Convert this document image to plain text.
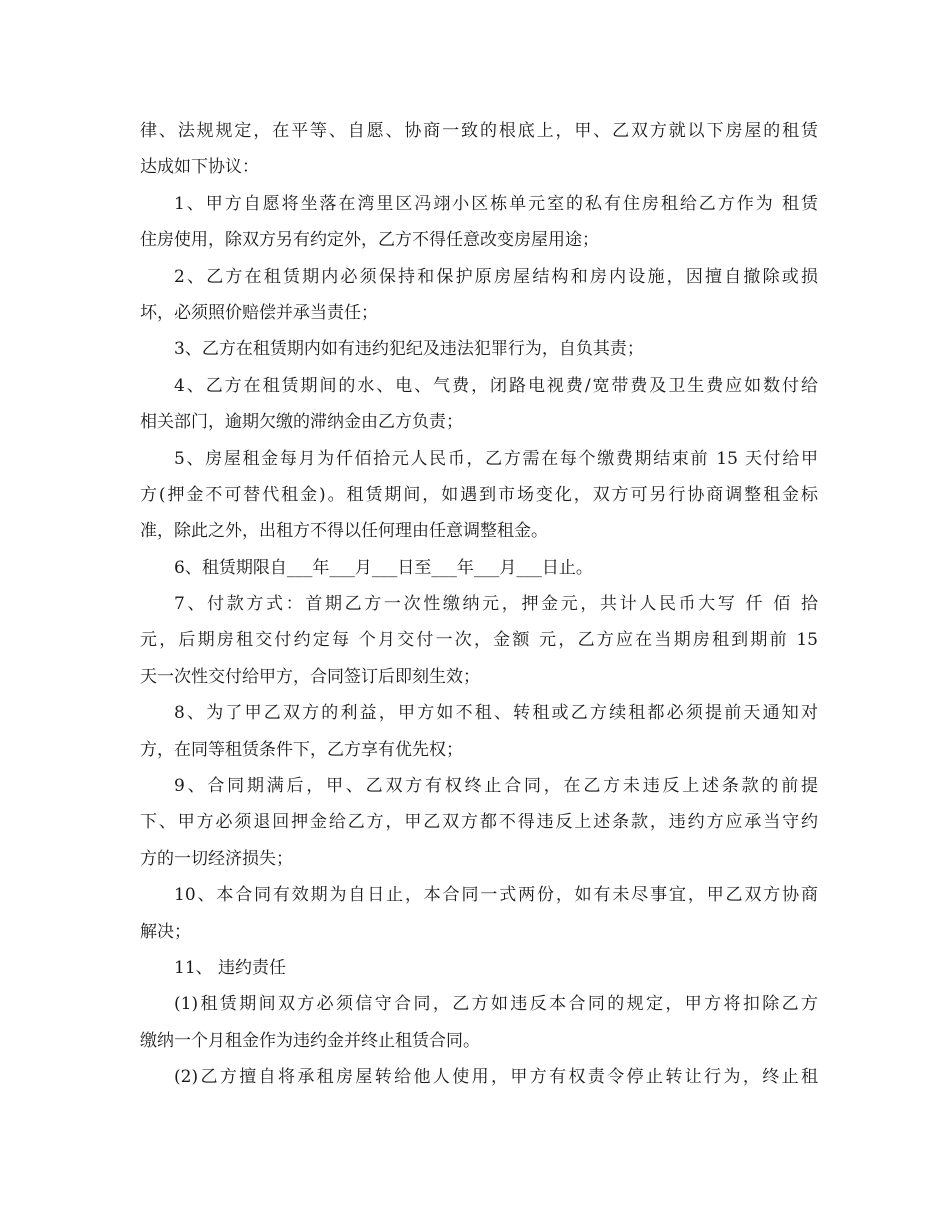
律、法规规定，在平等、自愿、协商一致的根底上，甲、乙双方就以下房屋的租赁
达成如下协议：
1、甲方自愿将坐落在湾里区冯翊小区栋单元室的私有住房租给乙方作为 租赁
住房使用，除双方另有约定外，乙方不得任意改变房屋用途；
2、乙方在租赁期内必须保持和保护原房屋结构和房内设施，因擅自撤除或损
坏，必须照价赔偿并承当责任；
3、乙方在租赁期内如有违约犯纪及违法犯罪行为，自负其责；
4、乙方在租赁期间的水、电、气费，闭路电视费/宽带费及卫生费应如数付给
相关部门，逾期欠缴的滞纳金由乙方负责；
5、房屋租金每月为仟佰拾元人民币，乙方需在每个缴费期结束前 15 天付给甲
方(押金不可替代租金)。租赁期间，如遇到市场变化，双方可另行协商调整租金标
准，除此之外，出租方不得以任何理由任意调整租金。
6、租赁期限自___年___月___日至___年___月___日止。
7、付款方式：首期乙方一次性缴纳元，押金元，共计人民币大写 仟 佰 拾
元，后期房租交付约定每 个月交付一次，金额 元，乙方应在当期房租到期前 15
天一次性交付给甲方，合同签订后即刻生效；
8、为了甲乙双方的利益，甲方如不租、转租或乙方续租都必须提前天通知对
方，在同等租赁条件下，乙方享有优先权；
9、合同期满后，甲、乙双方有权终止合同，在乙方未违反上述条款的前提
下、甲方必须退回押金给乙方，甲乙双方都不得违反上述条款，违约方应承当守约
方的一切经济损失；
10、本合同有效期为自日止，本合同一式两份，如有未尽事宜，甲乙双方协商
解决；
11、 违约责任
(1)租赁期间双方必须信守合同，乙方如违反本合同的规定，甲方将扣除乙方
缴纳一个月租金作为违约金并终止租赁合同。
(2)乙方擅自将承租房屋转给他人使用，甲方有权责令停止转让行为，终止租
